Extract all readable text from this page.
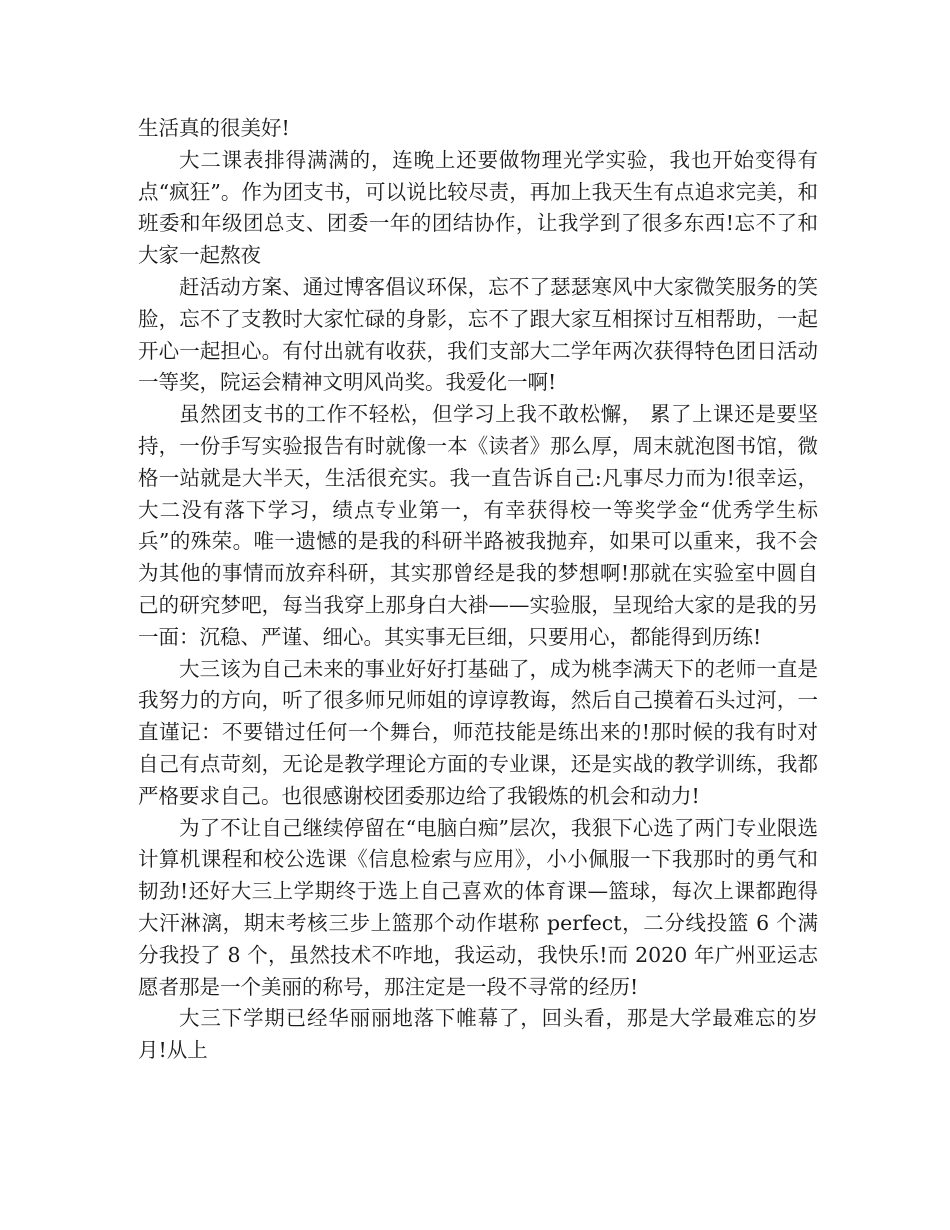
生活真的很美好!

大二课表排得满满的，连晚上还要做物理光学实验，我也开始变得有点“疯狂”。作为团支书，可以说比较尽责，再加上我天生有点追求完美，和班委和年级团总支、团委一年的团结协作，让我学到了很多东西!忘不了和大家一起熬夜

赶活动方案、通过博客倡议环保，忘不了瑟瑟寒风中大家微笑服务的笑脸，忘不了支教时大家忙碌的身影，忘不了跟大家互相探讨互相帮助，一起开心一起担心。有付出就有收获，我们支部大二学年两次获得特色团日活动一等奖，院运会精神文明风尚奖。我爱化一啊!

虽然团支书的工作不轻松，但学习上我不敢松懈， 累了上课还是要坚持，一份手写实验报告有时就像一本《读者》那么厚，周末就泡图书馆，微格一站就是大半天，生活很充实。我一直告诉自己:凡事尽力而为!很幸运，大二没有落下学习，绩点专业第一，有幸获得校一等奖学金“优秀学生标兵”的殊荣。唯一遗憾的是我的科研半路被我抛弃，如果可以重来，我不会为其他的事情而放弃科研，其实那曾经是我的梦想啊!那就在实验室中圆自己的研究梦吧，每当我穿上那身白大褂——实验服，呈现给大家的是我的另一面：沉稳、严谨、细心。其实事无巨细，只要用心，都能得到历练!

大三该为自己未来的事业好好打基础了，成为桃李满天下的老师一直是我努力的方向，听了很多师兄师姐的谆谆教诲，然后自己摸着石头过河，一直谨记：不要错过任何一个舞台，师范技能是练出来的!那时候的我有时对自己有点苛刻，无论是教学理论方面的专业课，还是实战的教学训练，我都严格要求自己。也很感谢校团委那边给了我锻炼的机会和动力!

为了不让自己继续停留在“电脑白痴”层次，我狠下心选了两门专业限选计算机课程和校公选课《信息检索与应用》，小小佩服一下我那时的勇气和韧劲!还好大三上学期终于选上自己喜欢的体育课—篮球，每次上课都跑得大汗淋漓，期末考核三步上篮那个动作堪称 perfect，二分线投篮 6 个满分我投了 8 个，虽然技术不咋地，我运动，我快乐!而 2020 年广州亚运志愿者那是一个美丽的称号，那注定是一段不寻常的经历!

大三下学期已经华丽丽地落下帷幕了，回头看，那是大学最难忘的岁月!从上
